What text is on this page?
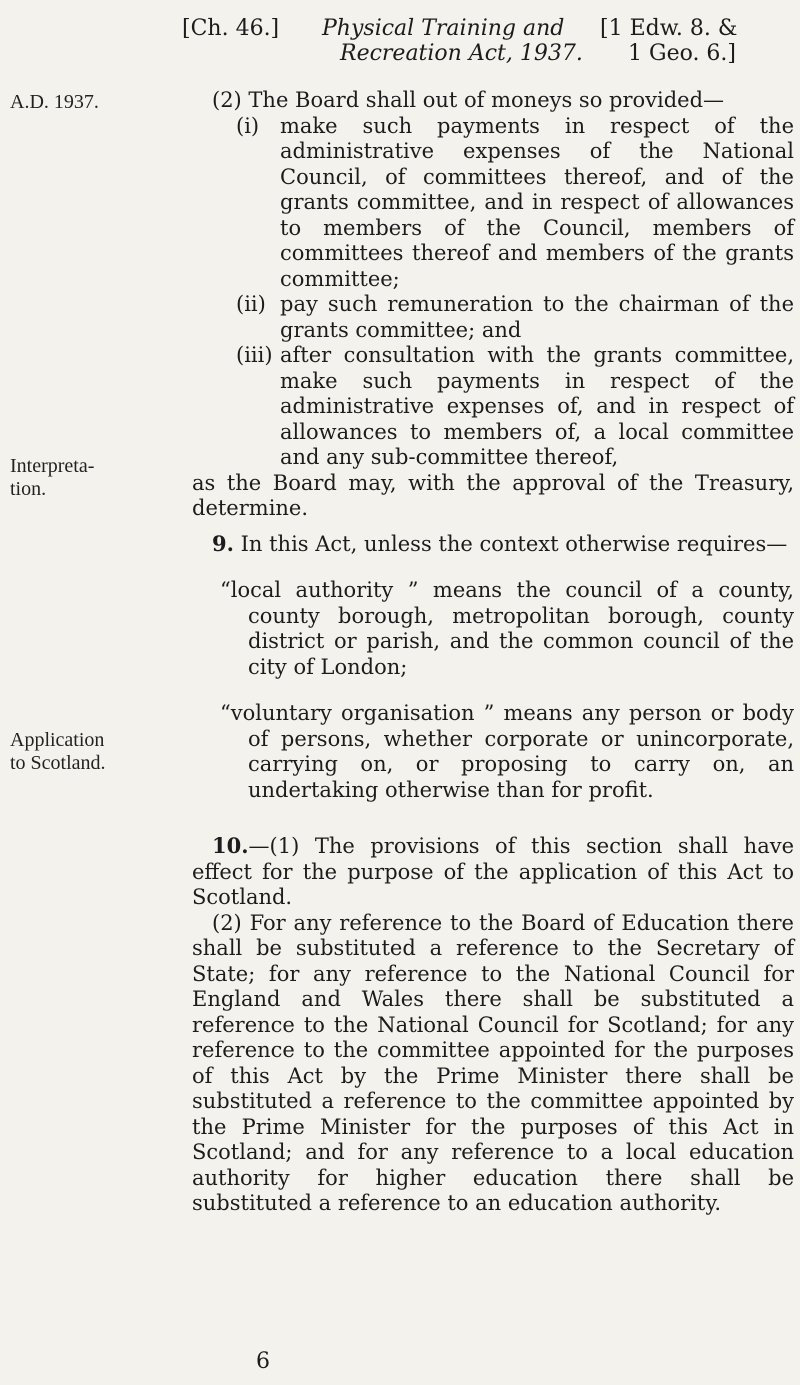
[Ch. 46.] Physical Training and
Recreation Act, 1937.
[1 Edw. 8. &
1 Geo. 6.]
A.D. 1937.
Interpreta-
tion.
Application
to Scotland.

(2) The Board shall out of moneys so provided—

(i) make such payments in respect of the administrative expenses of the National Council, of committees thereof, and of the grants committee, and in respect of allowances to members of the Council, members of committees thereof and members of the grants committee;
(ii) pay such remuneration to the chairman of the grants committee; and
(iii) after consultation with the grants committee, make such payments in respect of the administrative expenses of, and in respect of allowances to members of, a local committee and any sub-committee thereof,

as the Board may, with the approval of the Treasury, determine.

9. In this Act, unless the context otherwise requires—

“local authority ” means the council of a county, county borough, metropolitan borough, county district or parish, and the common council of the city of London;

“voluntary organisation ” means any person or body of persons, whether corporate or unincorporate, carrying on, or proposing to carry on, an undertaking otherwise than for profit.

10.—(1) The provisions of this section shall have effect for the purpose of the application of this Act to Scotland.

(2) For any reference to the Board of Education there shall be substituted a reference to the Secretary of State; for any reference to the National Council for England and Wales there shall be substituted a reference to the National Council for Scotland; for any reference to the committee appointed for the purposes of this Act by the Prime Minister there shall be substituted a reference to the committee appointed by the Prime Minister for the purposes of this Act in Scotland; and for any reference to a local education authority for higher education there shall be substituted a reference to an education authority.

6
